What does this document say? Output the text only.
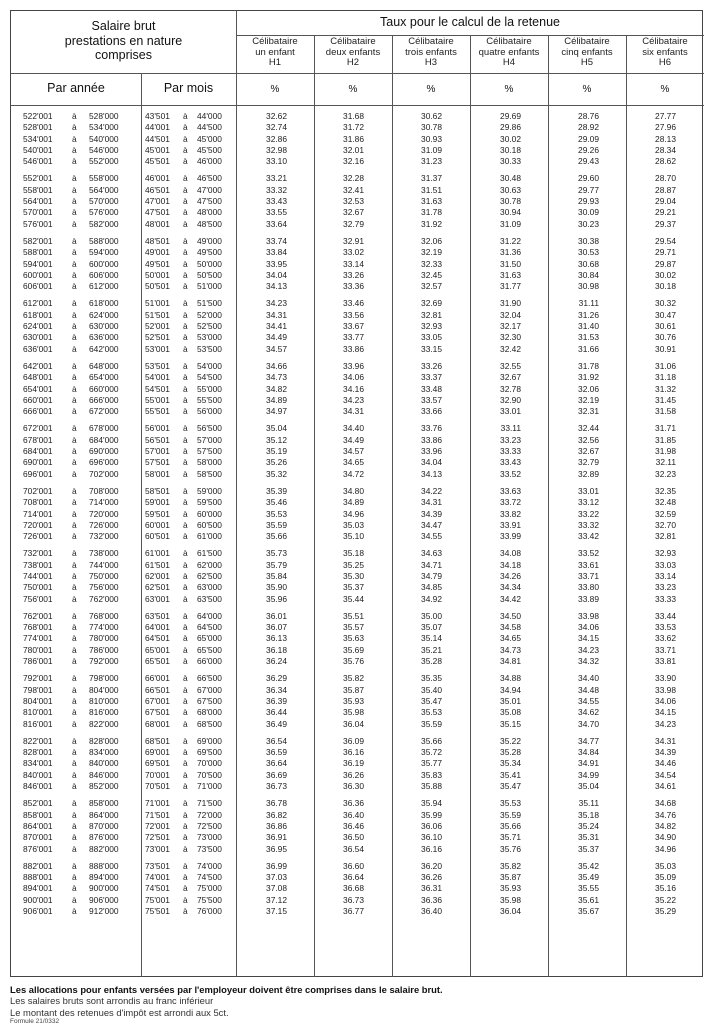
Salaire brut
prestations en nature
comprises
Taux pour le calcul de la retenue
Par année	Par mois
Célibataire
un enfant
H1
%
Célibataire
deux enfants
H2
%
Célibataire
trois enfants
H3
%
Célibataire
quatre enfants
H4
%
Célibataire
cinq enfants
H5
%
Célibataire
six enfants
H6
%
522'001 à 528'000	43'501 à 44'000	32.62	31.68	30.62	29.69	28.76	27.77
528'001 à 534'000	44'001 à 44'500	32.74	31.72	30.78	29.86	28.92	27.96
534'001 à 540'000	44'501 à 45'000	32.86	31.86	30.93	30.02	29.09	28.13
540'001 à 546'000	45'001 à 45'500	32.98	32.01	31.09	30.18	29.26	28.34
546'001 à 552'000	45'501 à 46'000	33.10	32.16	31.23	30.33	29.43	28.62
552'001 à 558'000	46'001 à 46'500	33.21	32.28	31.37	30.48	29.60	28.70
558'001 à 564'000	46'501 à 47'000	33.32	32.41	31.51	30.63	29.77	28.87
564'001 à 570'000	47'001 à 47'500	33.43	32.53	31.63	30.78	29.93	29.04
570'001 à 576'000	47'501 à 48'000	33.55	32.67	31.78	30.94	30.09	29.21
576'001 à 582'000	48'001 à 48'500	33.64	32.79	31.92	31.09	30.23	29.37
582'001 à 588'000	48'501 à 49'000	33.74	32.91	32.06	31.22	30.38	29.54
588'001 à 594'000	49'001 à 49'500	33.84	33.02	32.19	31.36	30.53	29.71
594'001 à 600'000	49'501 à 50'000	33.95	33.14	32.33	31.50	30.68	29.87
600'001 à 606'000	50'001 à 50'500	34.04	33.26	32.45	31.63	30.84	30.02
606'001 à 612'000	50'501 à 51'000	34.13	33.36	32.57	31.77	30.98	30.18
612'001 à 618'000	51'001 à 51'500	34.23	33.46	32.69	31.90	31.11	30.32
618'001 à 624'000	51'501 à 52'000	34.31	33.56	32.81	32.04	31.26	30.47
624'001 à 630'000	52'001 à 52'500	34.41	33.67	32.93	32.17	31.40	30.61
630'001 à 636'000	52'501 à 53'000	34.49	33.77	33.05	32.30	31.53	30.76
636'001 à 642'000	53'001 à 53'500	34.57	33.86	33.15	32.42	31.66	30.91
642'001 à 648'000	53'501 à 54'000	34.66	33.96	33.26	32.55	31.78	31.06
648'001 à 654'000	54'001 à 54'500	34.73	34.06	33.37	32.67	31.92	31.18
654'001 à 660'000	54'501 à 55'000	34.82	34.16	33.48	32.78	32.06	31.32
660'001 à 666'000	55'001 à 55'500	34.89	34.23	33.57	32.90	32.19	31.45
666'001 à 672'000	55'501 à 56'000	34.97	34.31	33.66	33.01	32.31	31.58
672'001 à 678'000	56'001 à 56'500	35.04	34.40	33.76	33.11	32.44	31.71
678'001 à 684'000	56'501 à 57'000	35.12	34.49	33.86	33.23	32.56	31.85
684'001 à 690'000	57'001 à 57'500	35.19	34.57	33.96	33.33	32.67	31.98
690'001 à 696'000	57'501 à 58'000	35.26	34.65	34.04	33.43	32.79	32.11
696'001 à 702'000	58'001 à 58'500	35.32	34.72	34.13	33.52	32.89	32.23
702'001 à 708'000	58'501 à 59'000	35.39	34.80	34.22	33.63	33.01	32.35
708'001 à 714'000	59'001 à 59'500	35.46	34.89	34.31	33.72	33.12	32.48
714'001 à 720'000	59'501 à 60'000	35.53	34.96	34.39	33.82	33.22	32.59
720'001 à 726'000	60'001 à 60'500	35.59	35.03	34.47	33.91	33.32	32.70
726'001 à 732'000	60'501 à 61'000	35.66	35.10	34.55	33.99	33.42	32.81
732'001 à 738'000	61'001 à 61'500	35.73	35.18	34.63	34.08	33.52	32.93
738'001 à 744'000	61'501 à 62'000	35.79	35.25	34.71	34.18	33.61	33.03
744'001 à 750'000	62'001 à 62'500	35.84	35.30	34.79	34.26	33.71	33.14
750'001 à 756'000	62'501 à 63'000	35.90	35.37	34.85	34.34	33.80	33.23
756'001 à 762'000	63'001 à 63'500	35.96	35.44	34.92	34.42	33.89	33.33
762'001 à 768'000	63'501 à 64'000	36.01	35.51	35.00	34.50	33.98	33.44
768'001 à 774'000	64'001 à 64'500	36.07	35.57	35.07	34.58	34.06	33.53
774'001 à 780'000	64'501 à 65'000	36.13	35.63	35.14	34.65	34.15	33.62
780'001 à 786'000	65'001 à 65'500	36.18	35.69	35.21	34.73	34.23	33.71
786'001 à 792'000	65'501 à 66'000	36.24	35.76	35.28	34.81	34.32	33.81
792'001 à 798'000	66'001 à 66'500	36.29	35.82	35.35	34.88	34.40	33.90
798'001 à 804'000	66'501 à 67'000	36.34	35.87	35.40	34.94	34.48	33.98
804'001 à 810'000	67'001 à 67'500	36.39	35.93	35.47	35.01	34.55	34.06
810'001 à 816'000	67'501 à 68'000	36.44	35.98	35.53	35.08	34.62	34.15
816'001 à 822'000	68'001 à 68'500	36.49	36.04	35.59	35.15	34.70	34.23
822'001 à 828'000	68'501 à 69'000	36.54	36.09	35.66	35.22	34.77	34.31
828'001 à 834'000	69'001 à 69'500	36.59	36.16	35.72	35.28	34.84	34.39
834'001 à 840'000	69'501 à 70'000	36.64	36.19	35.77	35.34	34.91	34.46
840'001 à 846'000	70'001 à 70'500	36.69	36.26	35.83	35.41	34.99	34.54
846'001 à 852'000	70'501 à 71'000	36.73	36.30	35.88	35.47	35.04	34.61
852'001 à 858'000	71'001 à 71'500	36.78	36.36	35.94	35.53	35.11	34.68
858'001 à 864'000	71'501 à 72'000	36.82	36.40	35.99	35.59	35.18	34.76
864'001 à 870'000	72'001 à 72'500	36.86	36.46	36.06	35.66	35.24	34.82
870'001 à 876'000	72'501 à 73'000	36.91	36.50	36.10	35.71	35.31	34.90
876'001 à 882'000	73'001 à 73'500	36.95	36.54	36.16	35.76	35.37	34.96
882'001 à 888'000	73'501 à 74'000	36.99	36.60	36.20	35.82	35.42	35.03
888'001 à 894'000	74'001 à 74'500	37.03	36.64	36.26	35.87	35.49	35.09
894'001 à 900'000	74'501 à 75'000	37.08	36.68	36.31	35.93	35.55	35.16
900'001 à 906'000	75'001 à 75'500	37.12	36.73	36.36	35.98	35.61	35.22
906'001 à 912'000	75'501 à 76'000	37.15	36.77	36.40	36.04	35.67	35.29
Les allocations pour enfants versées par l'employeur doivent être comprises dans le salaire brut.
Les salaires bruts sont arrondis au franc inférieur
Le montant des retenues d'impôt est arrondi aux 5ct.
Formule 21/0332
